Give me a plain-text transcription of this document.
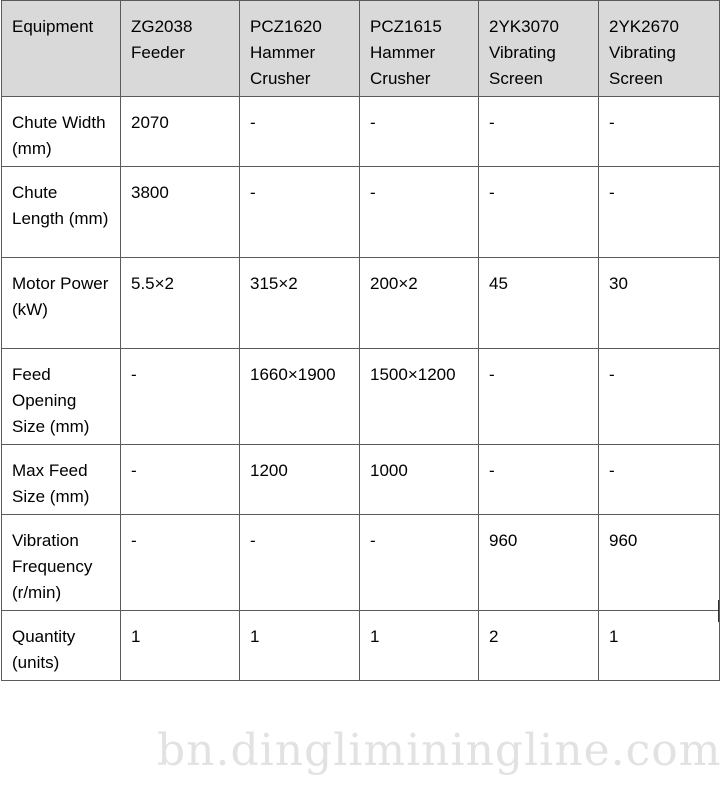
Equipment	ZG2038 Feeder	PCZ1620 Hammer Crusher	PCZ1615 Hammer Crusher	2YK3070 Vibrating Screen	2YK2670 Vibrating Screen
Chute Width (mm)	2070	-	-	-	-
Chute Length (mm)	3800	-	-	-	-
Motor Power (kW)	5.5×2	315×2	200×2	45	30
Feed Opening Size (mm)	-	1660×1900	1500×1200	-	-
Max Feed Size (mm)	-	1200	1000	-	-
Vibration Frequency (r/min)	-	-	-	960	960
Quantity (units)	1	1	1	2	1
bn.dingliminingline.com
